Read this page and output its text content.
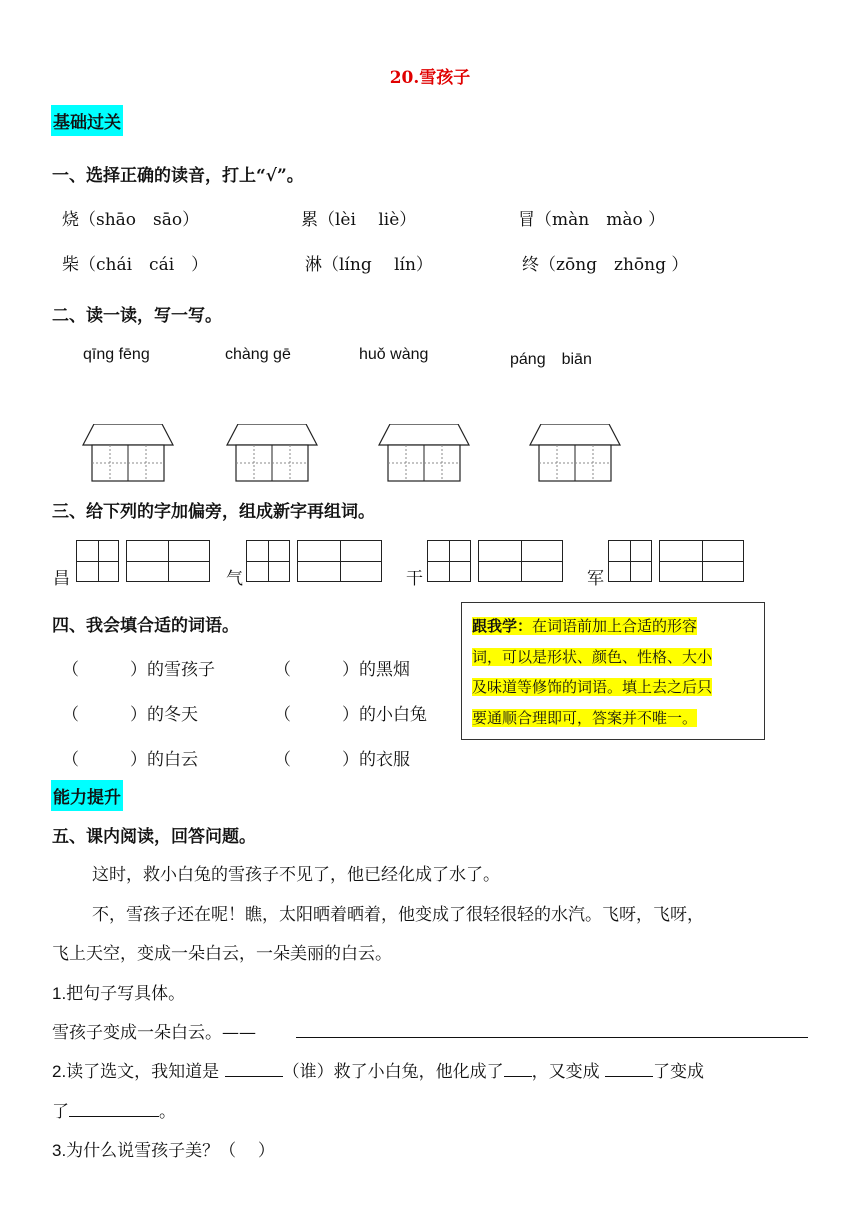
20.雪孩子
基础过关
一、选择正确的读音，打上“√”。
烧（shāo　sāo）	累（lèi　 liè）	冒（màn　mào ）
柴（chái　cái　）	淋（líng　 lín）	终（zōng　zhōng ）
二、读一读，写一写。
qīng fēng	chàng gē	huǒ wàng	páng　biān
三、给下列的字加偏旁，组成新字再组词。
昌	气	干	军
四、我会填合适的词语。
（　　　）的雪孩子	（　　　）的黑烟
（　　　）的冬天	（　　　）的小白兔
（　　　）的白云	（　　　）的衣服
跟我学：在词语前加上合适的形容
词，可以是形状、颜色、性格、大小
及味道等修饰的词语。填上去之后只
要通顺合理即可，答案并不唯一。
能力提升
五、课内阅读，回答问题。
这时，救小白兔的雪孩子不见了，他已经化成了水了。
不，雪孩子还在呢！瞧，太阳晒着晒着，他变成了很轻很轻的水汽。飞呀，飞呀，
飞上天空，变成一朵白云，一朵美丽的白云。
1.把句子写具体。
雪孩子变成一朵白云。——
2.读了选文，我知道是	（谁）救了小白兔，他化成了 ，又变成	了变成
了	。
3.为什么说雪孩子美？（　 ）
